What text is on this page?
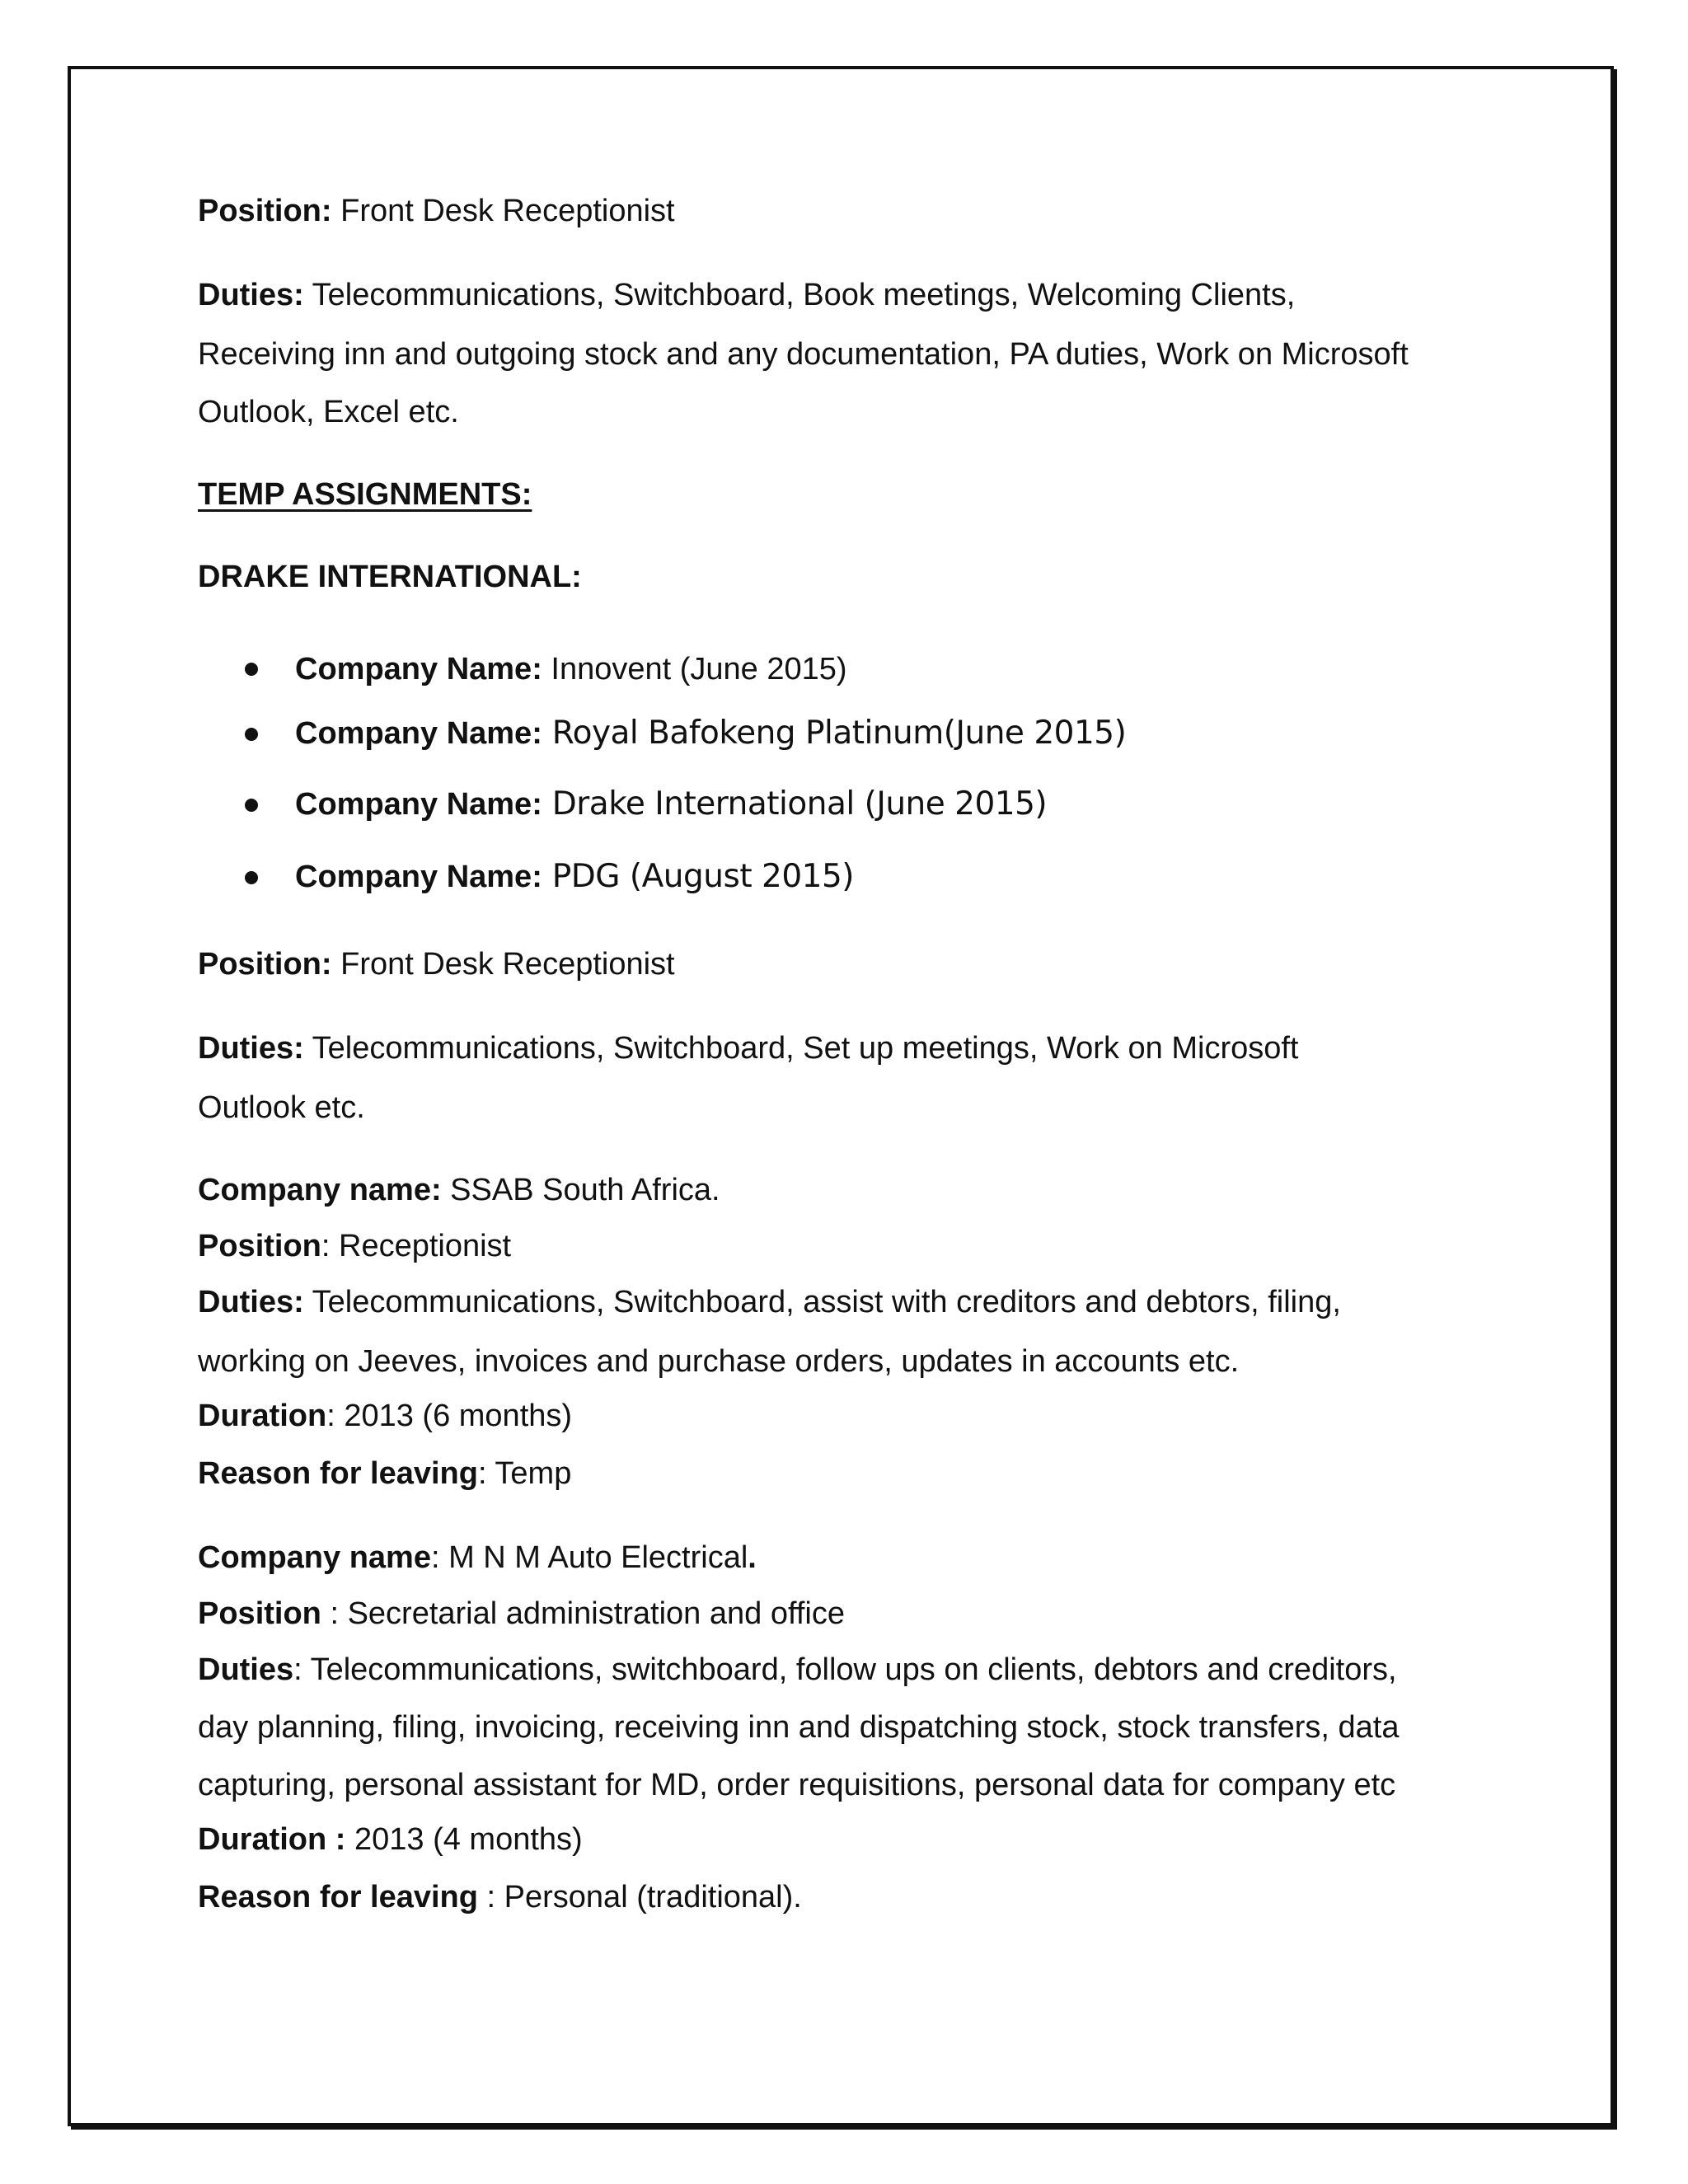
Position: Front Desk Receptionist
Duties: Telecommunications, Switchboard, Book meetings, Welcoming Clients,
Receiving inn and outgoing stock and any documentation, PA duties, Work on Microsoft
Outlook, Excel etc.
TEMP ASSIGNMENTS:
DRAKE INTERNATIONAL:
Company Name: Innovent (June 2015)
Company Name: Royal Bafokeng Platinum(June 2015)
Company Name: Drake International (June 2015)
Company Name: PDG (August 2015)
Position: Front Desk Receptionist
Duties: Telecommunications, Switchboard, Set up meetings, Work on Microsoft
Outlook etc.
Company name: SSAB South Africa.
Position: Receptionist
Duties: Telecommunications, Switchboard, assist with creditors and debtors, filing,
working on Jeeves, invoices and purchase orders, updates in accounts etc.
Duration: 2013 (6 months)
Reason for leaving: Temp
Company name: M N M Auto Electrical.
Position : Secretarial administration and office
Duties: Telecommunications, switchboard, follow ups on clients, debtors and creditors,
day planning, filing, invoicing, receiving inn and dispatching stock, stock transfers, data
capturing, personal assistant for MD, order requisitions, personal data for company etc
Duration : 2013 (4 months)
Reason for leaving : Personal (traditional).
